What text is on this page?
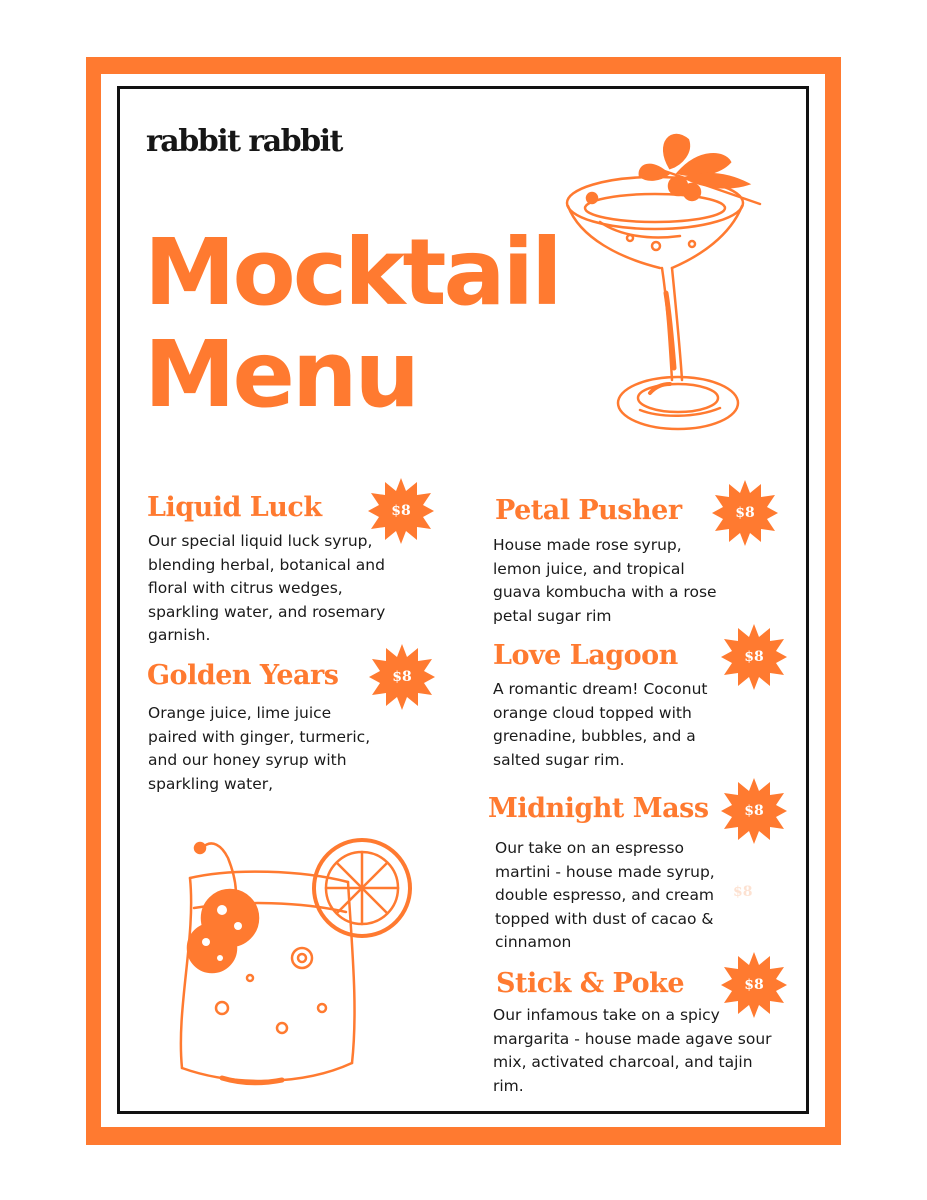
rabbit rabbit
Mocktail
Menu
Liquid Luck	$8

Our special liquid luck syrup, blending herbal, botanical and floral with citrus wedges, sparkling water, and rosemary garnish.

Golden Years	$8

Orange juice, lime juice paired with ginger, turmeric, and our honey syrup with sparkling water,

Petal Pusher	$8

House made rose syrup, lemon juice, and tropical guava kombucha with a rose petal sugar rim

Love Lagoon	$8

A romantic dream! Coconut orange cloud topped with grenadine, bubbles, and a salted sugar rim.

Midnight Mass	$8

Our take on an espresso martini - house made syrup, double espresso, and cream topped with dust of cacao & cinnamon

$8
Stick & Poke	$8

Our infamous take on a spicy margarita - house made agave sour mix, activated charcoal, and tajin rim.
